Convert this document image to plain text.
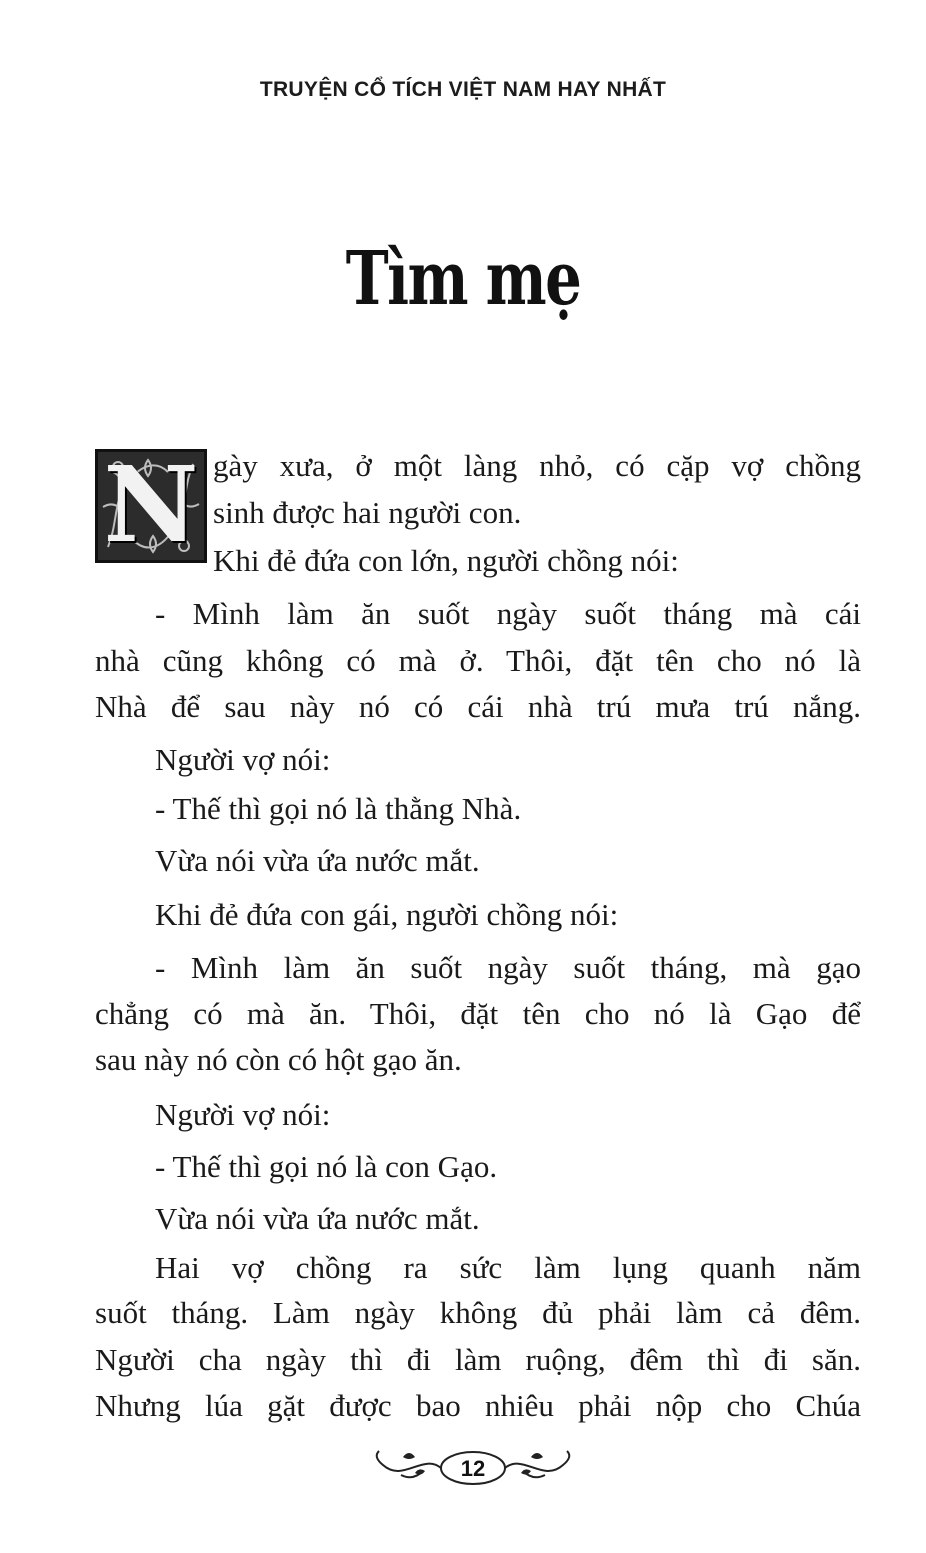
TRUYỆN CỔ TÍCH VIỆT NAM HAY NHẤT
Tìm mẹ
N gày xưa, ở một làng nhỏ, có cặp vợ chồng
sinh được hai người con.
Khi đẻ đứa con lớn, người chồng nói:
- Mình làm ăn suốt ngày suốt tháng mà cái
nhà cũng không có mà ở. Thôi, đặt tên cho nó là
Nhà để sau này nó có cái nhà trú mưa trú nắng.
Người vợ nói:
- Thế thì gọi nó là thằng Nhà.
Vừa nói vừa ứa nước mắt.
Khi đẻ đứa con gái, người chồng nói:
- Mình làm ăn suốt ngày suốt tháng, mà gạo
chẳng có mà ăn. Thôi, đặt tên cho nó là Gạo để
sau này nó còn có hột gạo ăn.
Người vợ nói:
- Thế thì gọi nó là con Gạo.
Vừa nói vừa ứa nước mắt.
Hai vợ chồng ra sức làm lụng quanh năm
suốt tháng. Làm ngày không đủ phải làm cả đêm.
Người cha ngày thì đi làm ruộng, đêm thì đi săn.
Nhưng lúa gặt được bao nhiêu phải nộp cho Chúa
12
